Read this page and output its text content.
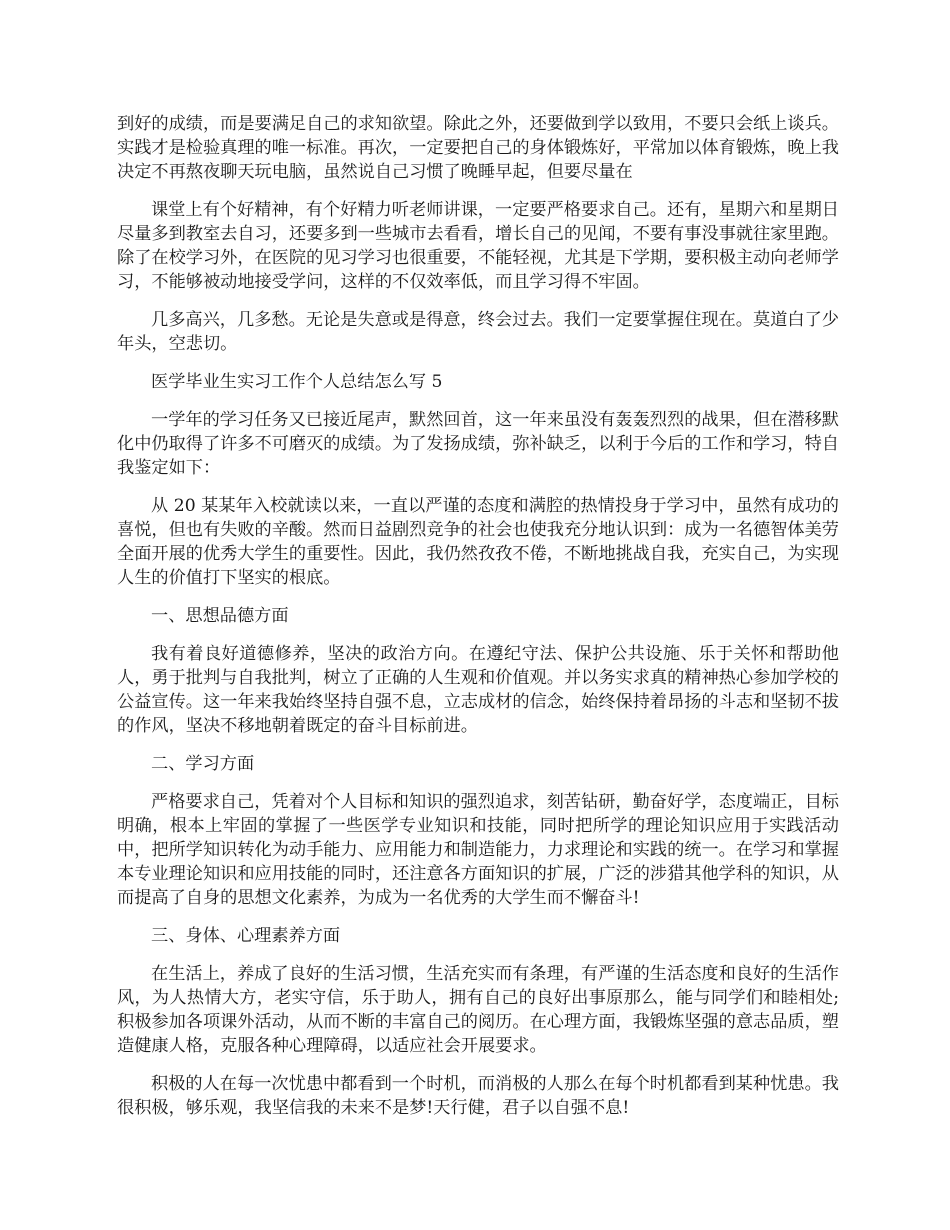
到好的成绩，而是要满足自己的求知欲望。除此之外，还要做到学以致用，不要只会纸上谈兵。实践才是检验真理的唯一标准。再次，一定要把自己的身体锻炼好，平常加以体育锻炼，晚上我决定不再熬夜聊天玩电脑，虽然说自己习惯了晚睡早起，但要尽量在

课堂上有个好精神，有个好精力听老师讲课，一定要严格要求自己。还有，星期六和星期日尽量多到教室去自习，还要多到一些城市去看看，增长自己的见闻，不要有事没事就往家里跑。除了在校学习外，在医院的见习学习也很重要，不能轻视，尤其是下学期，要积极主动向老师学习，不能够被动地接受学问，这样的不仅效率低，而且学习得不牢固。

几多高兴，几多愁。无论是失意或是得意，终会过去。我们一定要掌握住现在。莫道白了少年头，空悲切。

医学毕业生实习工作个人总结怎么写 5

一学年的学习任务又已接近尾声，默然回首，这一年来虽没有轰轰烈烈的战果，但在潜移默化中仍取得了许多不可磨灭的成绩。为了发扬成绩，弥补缺乏，以利于今后的工作和学习，特自我鉴定如下：

从 20 某某年入校就读以来，一直以严谨的态度和满腔的热情投身于学习中，虽然有成功的喜悦，但也有失败的辛酸。然而日益剧烈竞争的社会也使我充分地认识到：成为一名德智体美劳全面开展的优秀大学生的重要性。因此，我仍然孜孜不倦，不断地挑战自我，充实自己，为实现人生的价值打下坚实的根底。

一、思想品德方面

我有着良好道德修养，坚决的政治方向。在遵纪守法、保护公共设施、乐于关怀和帮助他人，勇于批判与自我批判，树立了正确的人生观和价值观。并以务实求真的精神热心参加学校的公益宣传。这一年来我始终坚持自强不息，立志成材的信念，始终保持着昂扬的斗志和坚韧不拔的作风，坚决不移地朝着既定的奋斗目标前进。

二、学习方面

严格要求自己，凭着对个人目标和知识的强烈追求，刻苦钻研，勤奋好学，态度端正，目标明确，根本上牢固的掌握了一些医学专业知识和技能，同时把所学的理论知识应用于实践活动中，把所学知识转化为动手能力、应用能力和制造能力，力求理论和实践的统一。在学习和掌握本专业理论知识和应用技能的同时，还注意各方面知识的扩展，广泛的涉猎其他学科的知识，从而提高了自身的思想文化素养，为成为一名优秀的大学生而不懈奋斗!

三、身体、心理素养方面

在生活上，养成了良好的生活习惯，生活充实而有条理，有严谨的生活态度和良好的生活作风，为人热情大方，老实守信，乐于助人，拥有自己的良好出事原那么，能与同学们和睦相处;积极参加各项课外活动，从而不断的丰富自己的阅历。在心理方面，我锻炼坚强的意志品质，塑造健康人格，克服各种心理障碍，以适应社会开展要求。

积极的人在每一次忧患中都看到一个时机，而消极的人那么在每个时机都看到某种忧患。我很积极，够乐观，我坚信我的未来不是梦!天行健，君子以自强不息!
